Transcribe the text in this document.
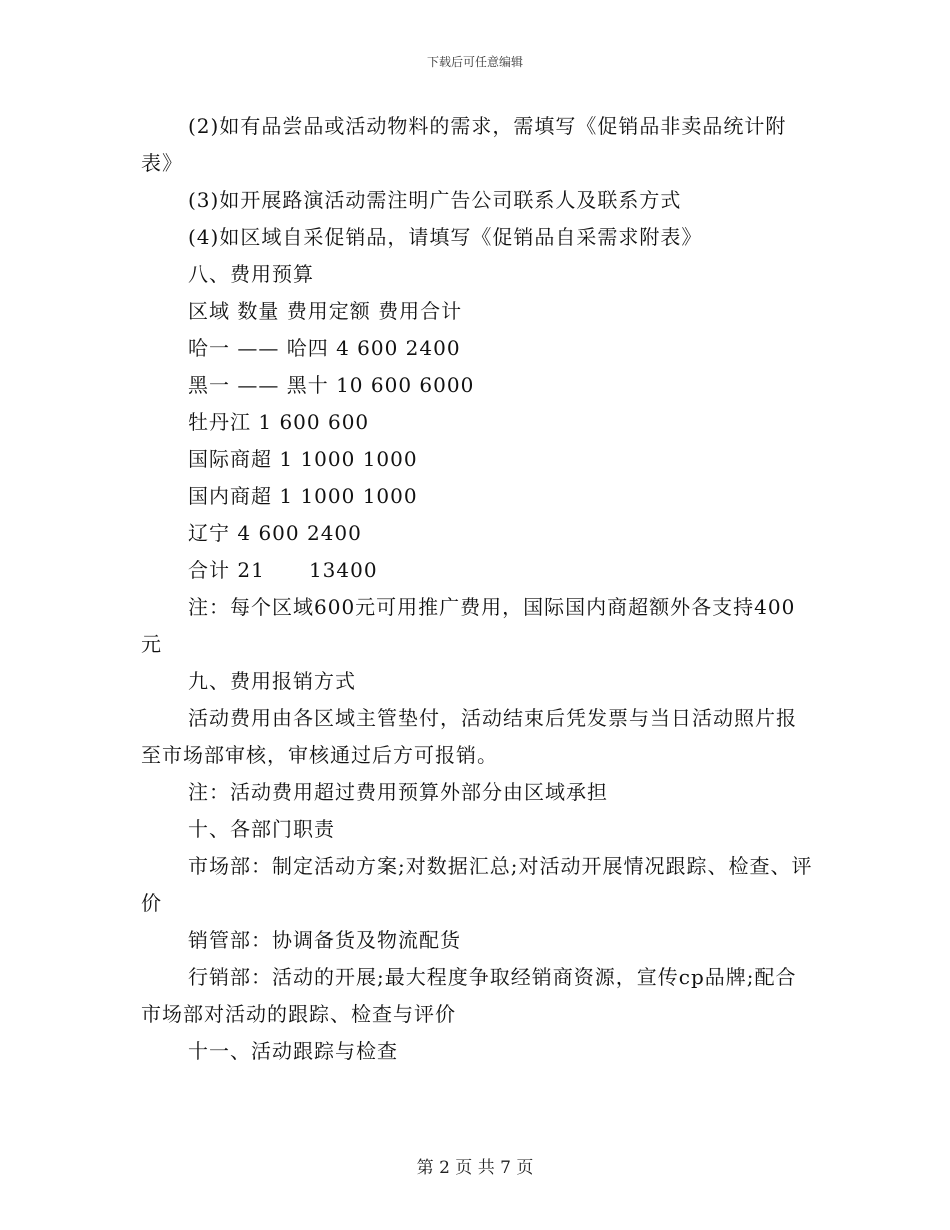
下载后可任意编辑

(2)如有品尝品或活动物料的需求，需填写《促销品非卖品统计附表》

(3)如开展路演活动需注明广告公司联系人及联系方式

(4)如区域自采促销品，请填写《促销品自采需求附表》

八、费用预算

区域 数量 费用定额 费用合计

哈一 —— 哈四 4 600 2400

黑一 —— 黑十 10 600 6000

牡丹江 1 600 600

国际商超 1 1000 1000

国内商超 1 1000 1000

辽宁 4 600 2400

合计 21      13400

注：每个区域600元可用推广费用，国际国内商超额外各支持400元

九、费用报销方式

活动费用由各区域主管垫付，活动结束后凭发票与当日活动照片报至市场部审核，审核通过后方可报销。

注：活动费用超过费用预算外部分由区域承担

十、各部门职责

市场部：制定活动方案;对数据汇总;对活动开展情况跟踪、检查、评价

销管部：协调备货及物流配货

行销部：活动的开展;最大程度争取经销商资源，宣传cp品牌;配合市场部对活动的跟踪、检查与评价

十一、活动跟踪与检查

第 2 页 共 7 页
